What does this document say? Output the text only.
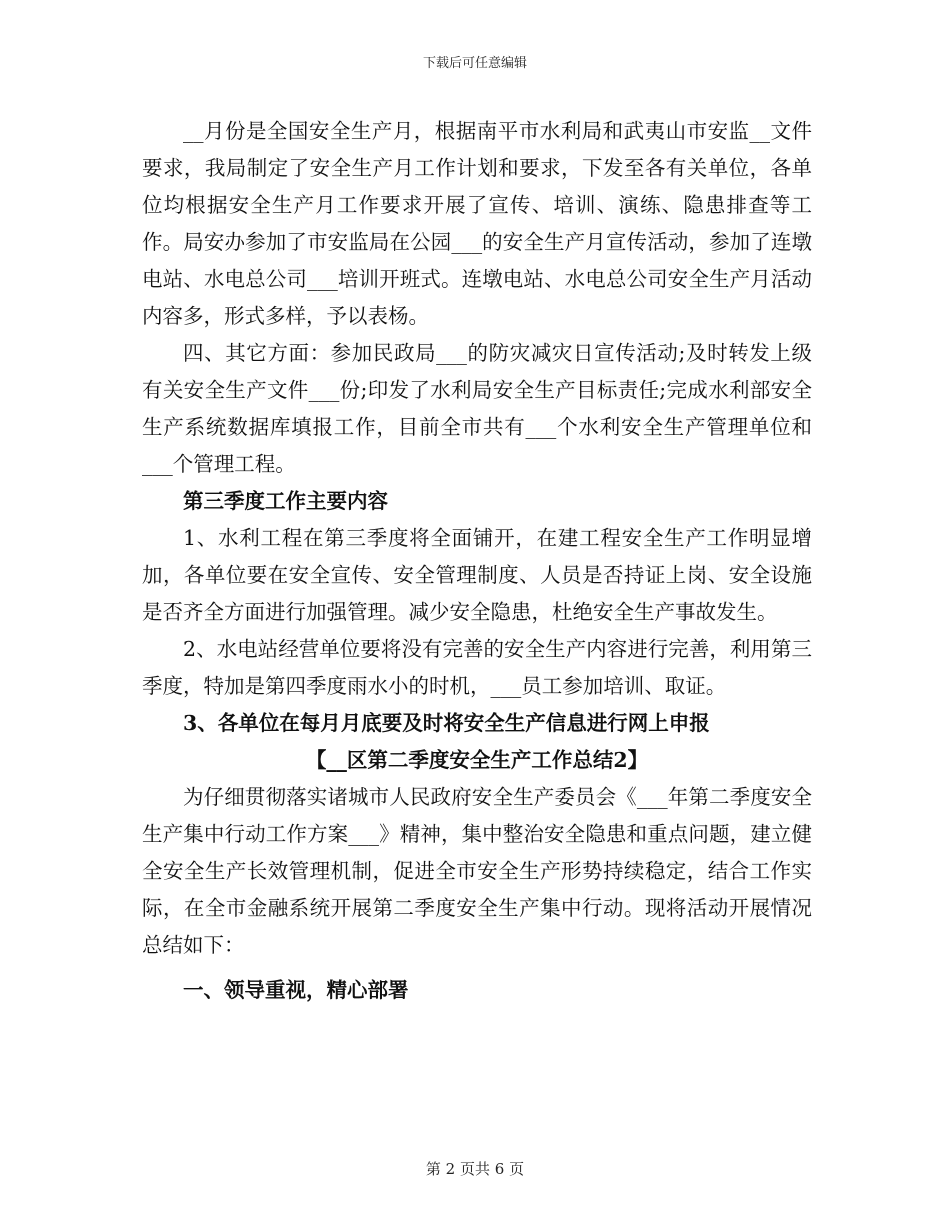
下载后可任意编辑

__月份是全国安全生产月，根据南平市水利局和武夷山市安监__文件要求，我局制定了安全生产月工作计划和要求，下发至各有关单位，各单位均根据安全生产月工作要求开展了宣传、培训、演练、隐患排查等工作。局安办参加了市安监局在公园___的安全生产月宣传活动，参加了连墩电站、水电总公司___培训开班式。连墩电站、水电总公司安全生产月活动内容多，形式多样，予以表杨。

四、其它方面：参加民政局___的防灾减灾日宣传活动;及时转发上级有关安全生产文件___份;印发了水利局安全生产目标责任;完成水利部安全生产系统数据库填报工作，目前全市共有___个水利安全生产管理单位和___个管理工程。

第三季度工作主要内容

1、水利工程在第三季度将全面铺开，在建工程安全生产工作明显增加，各单位要在安全宣传、安全管理制度、人员是否持证上岗、安全设施是否齐全方面进行加强管理。减少安全隐患，杜绝安全生产事故发生。

2、水电站经营单位要将没有完善的安全生产内容进行完善，利用第三季度，特加是第四季度雨水小的时机，___员工参加培训、取证。

3、各单位在每月月底要及时将安全生产信息进行网上申报

【__区第二季度安全生产工作总结2】

为仔细贯彻落实诸城市人民政府安全生产委员会《___年第二季度安全生产集中行动工作方案___》精神，集中整治安全隐患和重点问题，建立健全安全生产长效管理机制，促进全市安全生产形势持续稳定，结合工作实际，在全市金融系统开展第二季度安全生产集中行动。现将活动开展情况总结如下：

一、领导重视，精心部署

第 2 页共 6 页
